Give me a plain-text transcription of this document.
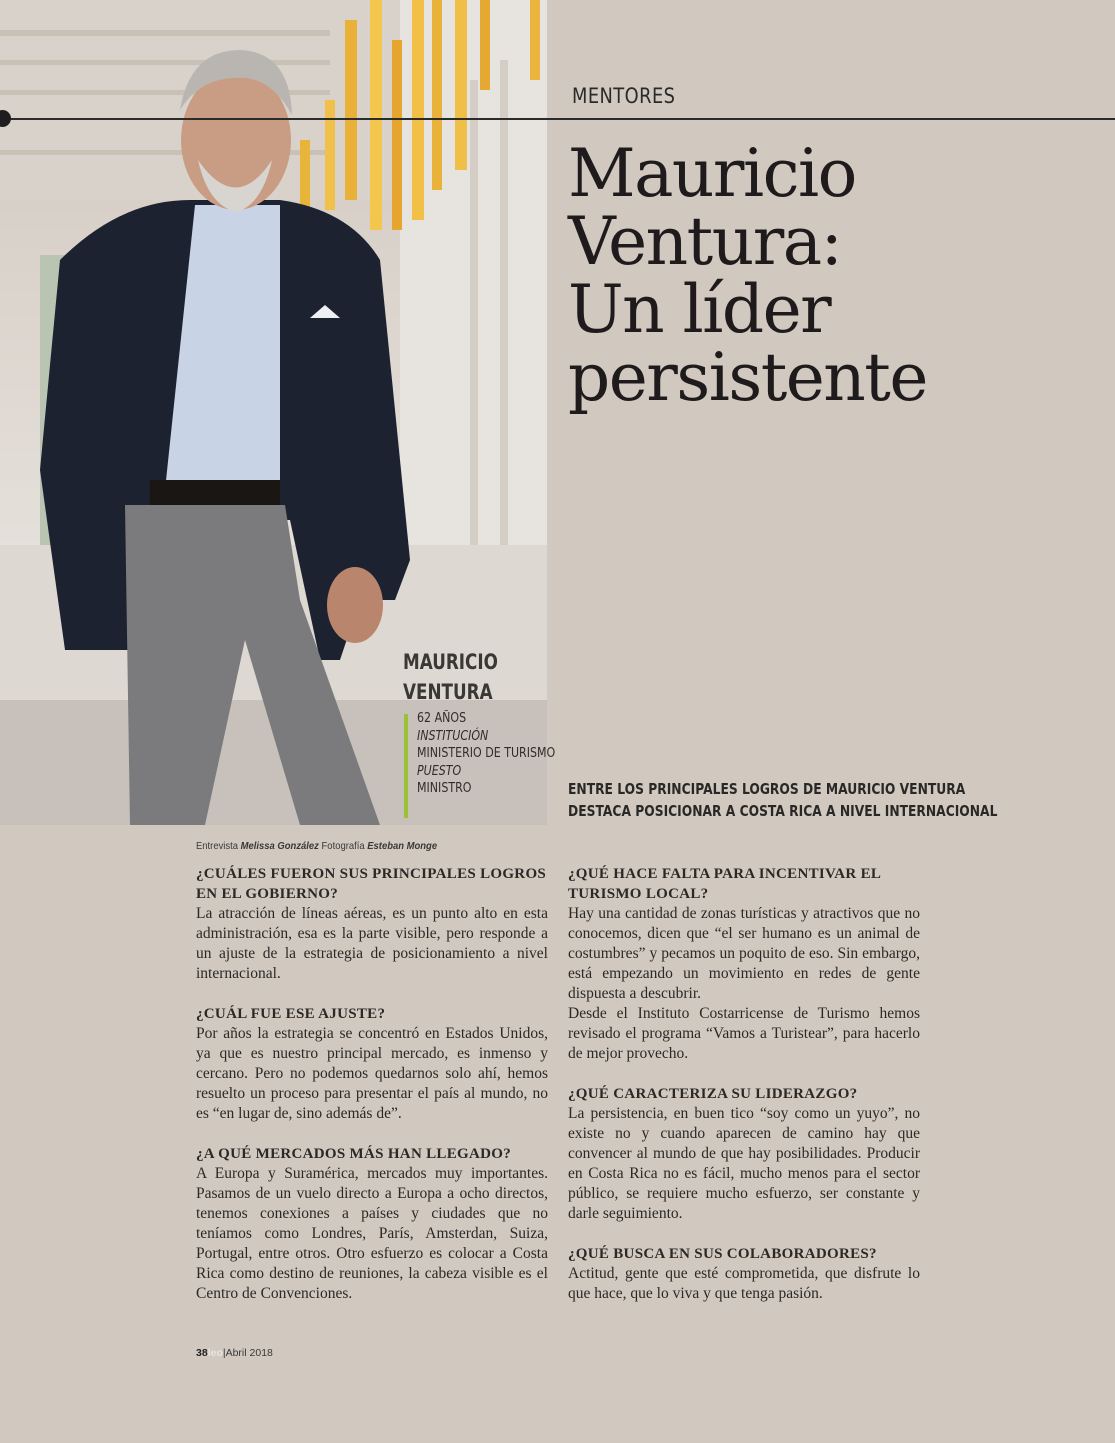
MENTORES
Mauricio
Ventura:
Un líder
persistente
MAURICIO
VENTURA
62 AÑOS
INSTITUCIÓN
MINISTERIO DE TURISMO
PUESTO
MINISTRO	ENTRE LOS PRINCIPALES LOGROS DE MAURICIO VENTURA
DESTACA POSICIONAR A COSTA RICA A NIVEL INTERNACIONAL
Entrevista Melissa González Fotografía Esteban Monge
¿CUÁLES FUERON SUS PRINCIPALES LOGROS EN EL GOBIERNO?

La atracción de líneas aéreas, es un punto alto en esta administración, esa es la parte visible, pero responde a un ajuste de la estrategia de posicionamiento a nivel internacional.

¿CUÁL FUE ESE AJUSTE?

Por años la estrategia se concentró en Estados Unidos, ya que es nuestro principal mercado, es inmenso y cercano. Pero no podemos quedarnos solo ahí, hemos resuelto un proceso para presentar el país al mundo, no es “en lugar de, sino además de”.

¿A QUÉ MERCADOS MÁS HAN LLEGADO?

A Europa y Suramérica, mercados muy importantes. Pasamos de un vuelo directo a Europa a ocho directos, tenemos conexiones a países y ciudades que no teníamos como Londres, París, Amsterdan, Suiza, Portugal, entre otros. Otro esfuerzo es colocar a Costa Rica como destino de reuniones, la cabeza visible es el Centro de Convenciones.

¿QUÉ HACE FALTA PARA INCENTIVAR EL TURISMO LOCAL?

Hay una cantidad de zonas turísticas y atractivos que no conocemos, dicen que “el ser humano es un animal de costumbres” y pecamos un poquito de eso. Sin embargo, está empezando un movimiento en redes de gente dispuesta a descubrir.

Desde el Instituto Costarricense de Turismo hemos revisado el programa “Vamos a Turistear”, para hacerlo de mejor provecho.

¿QUÉ CARACTERIZA SU LIDERAZGO?

La persistencia, en buen tico “soy como un yuyo”, no existe no y cuando aparecen de camino hay que convencer al mundo de que hay posibilidades. Producir en Costa Rica no es fácil, mucho menos para el sector público, se requiere mucho esfuerzo, ser constante y darle seguimiento.

¿QUÉ BUSCA EN SUS COLABORADORES?

Actitud, gente que esté comprometida, que disfrute lo que hace, que lo viva y que tenga pasión.

38leo|Abril 2018
